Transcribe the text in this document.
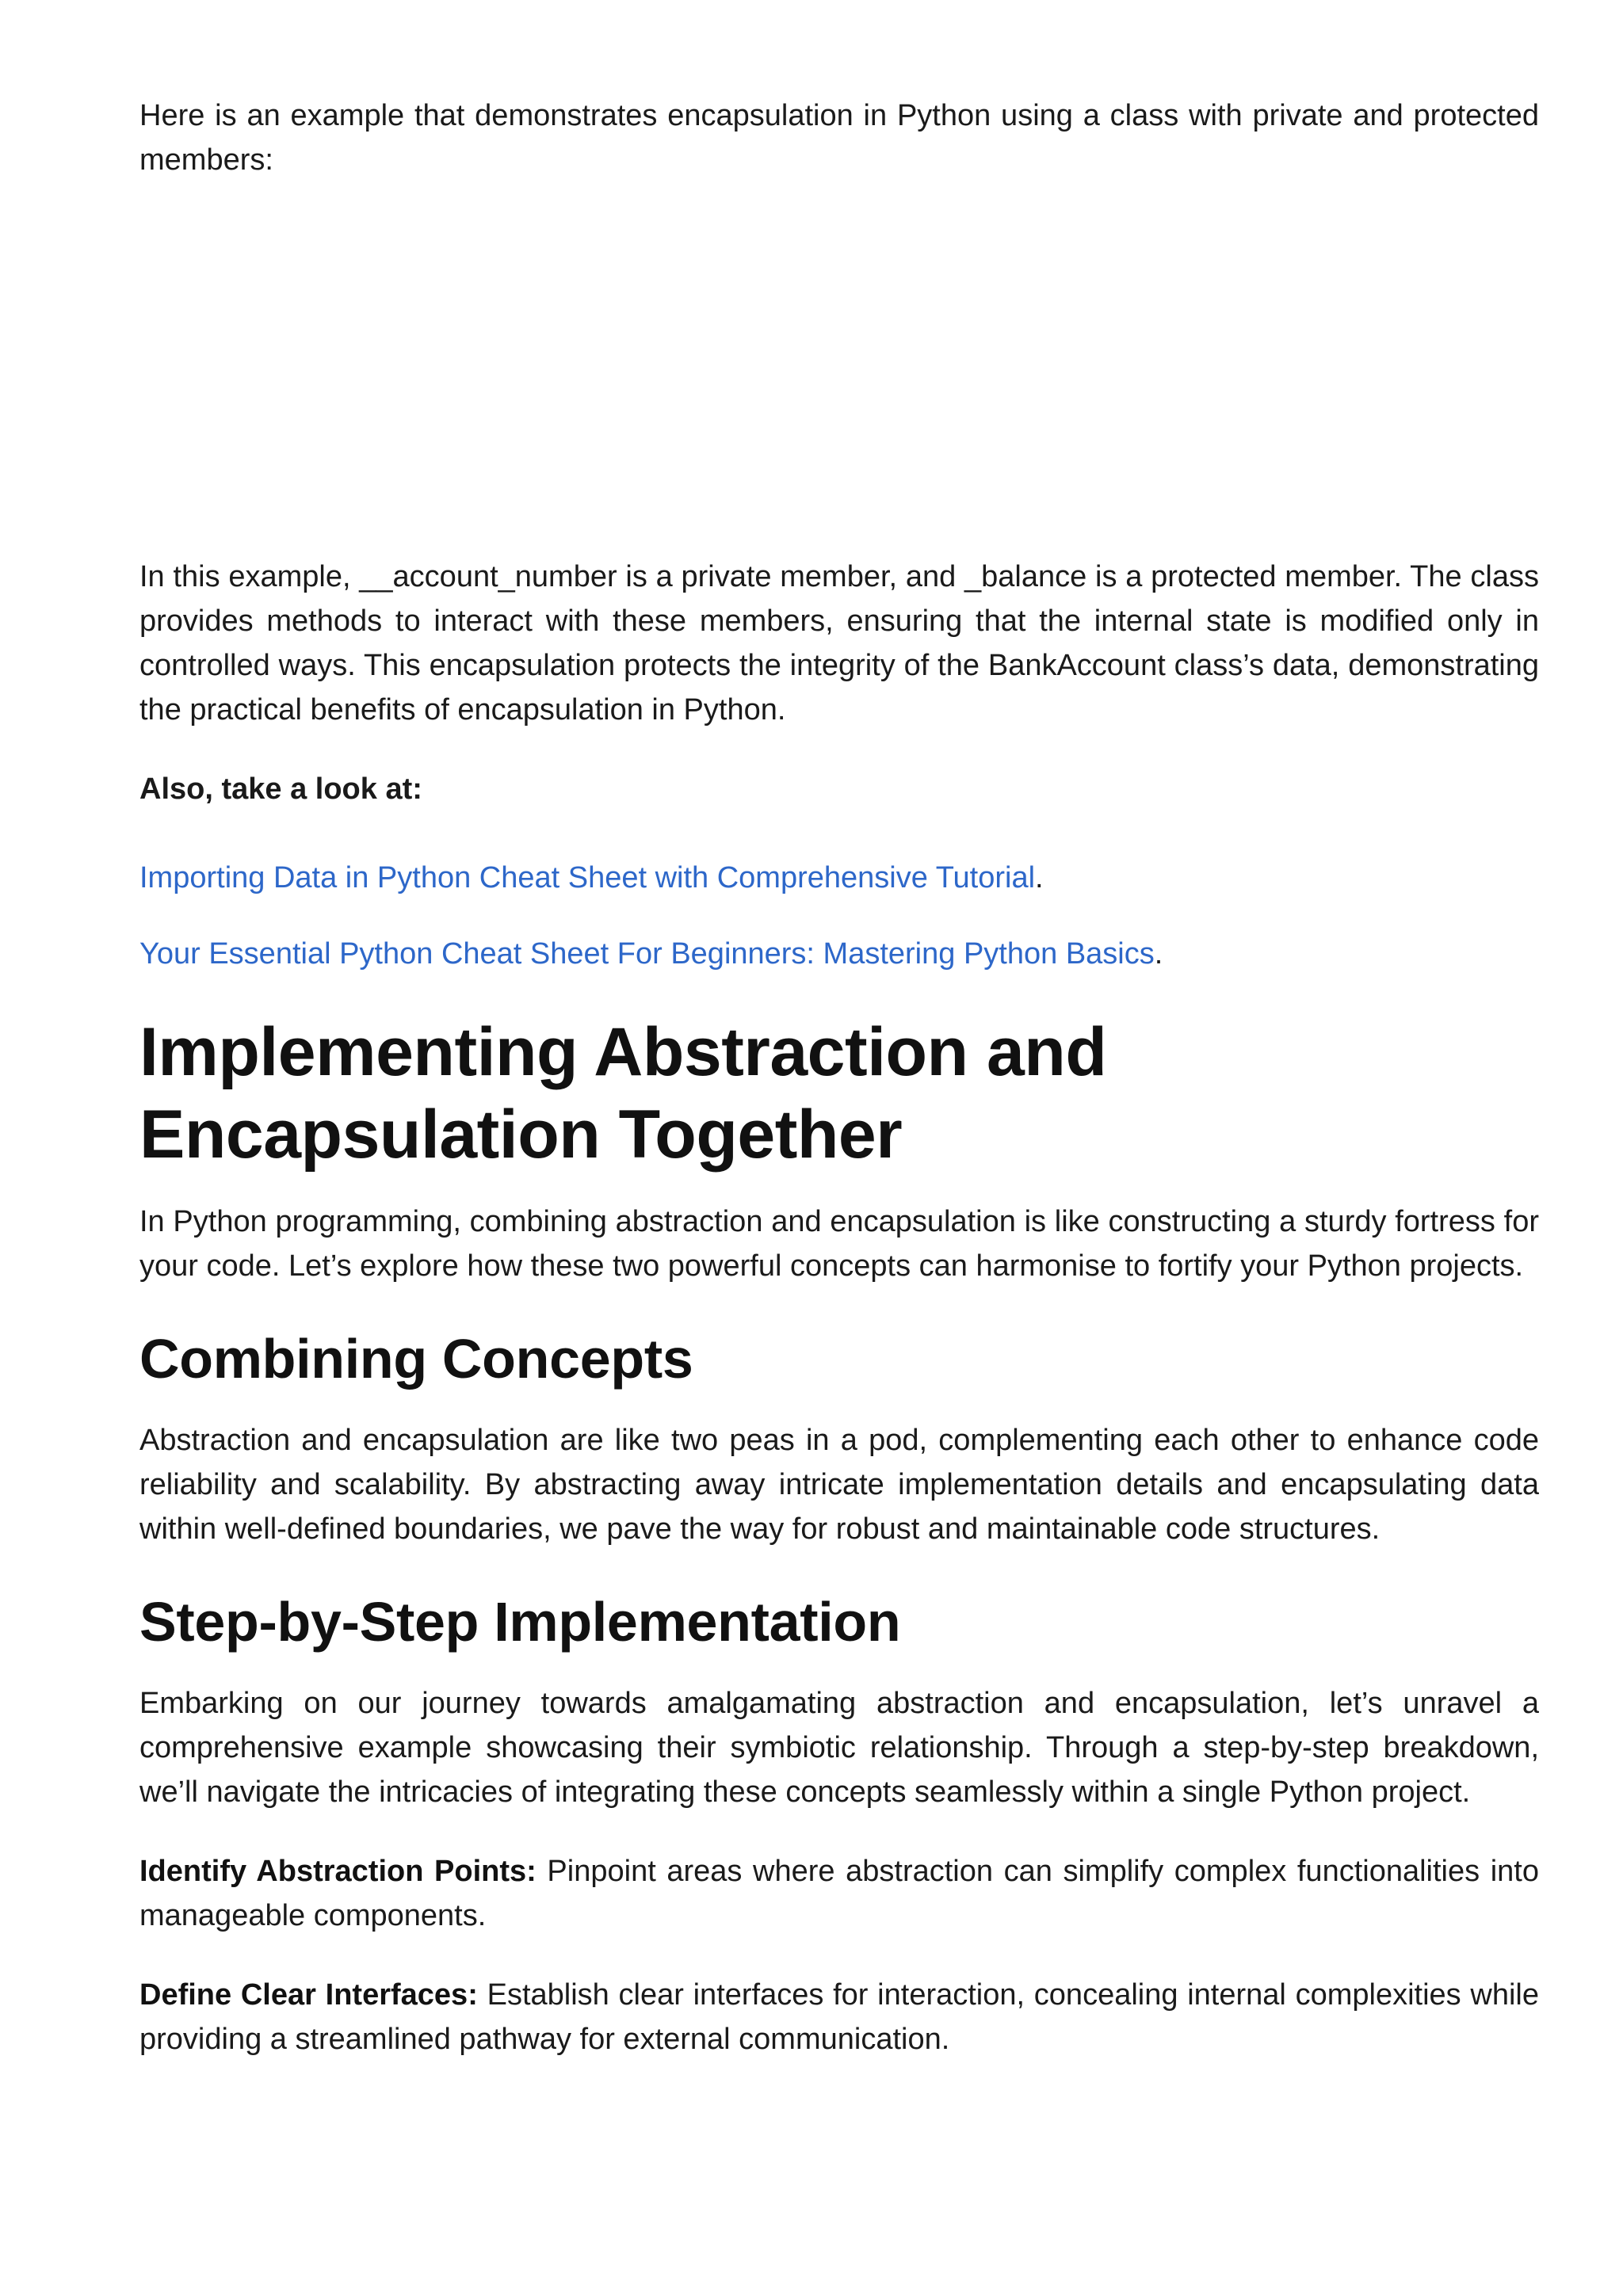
Here is an example that demonstrates encapsulation in Python using a class with private and protected members:

In this example, __account_number is a private member, and _balance is a protected member. The class provides methods to interact with these members, ensuring that the internal state is modified only in controlled ways. This encapsulation protects the integrity of the BankAccount class’s data, demonstrating the practical benefits of encapsulation in Python.

Also, take a look at:

Importing Data in Python Cheat Sheet with Comprehensive Tutorial.

Your Essential Python Cheat Sheet For Beginners: Mastering Python Basics.

Implementing Abstraction and Encapsulation Together

In Python programming, combining abstraction and encapsulation is like constructing a sturdy fortress for your code. Let’s explore how these two powerful concepts can harmonise to fortify your Python projects.

Combining Concepts

Abstraction and encapsulation are like two peas in a pod, complementing each other to enhance code reliability and scalability. By abstracting away intricate implementation details and encapsulating data within well-defined boundaries, we pave the way for robust and maintainable code structures.

Step-by-Step Implementation

Embarking on our journey towards amalgamating abstraction and encapsulation, let’s unravel a comprehensive example showcasing their symbiotic relationship. Through a step-by-step breakdown, we’ll navigate the intricacies of integrating these concepts seamlessly within a single Python project.

Identify Abstraction Points: Pinpoint areas where abstraction can simplify complex functionalities into manageable components.

Define Clear Interfaces: Establish clear interfaces for interaction, concealing internal complexities while providing a streamlined pathway for external communication.
